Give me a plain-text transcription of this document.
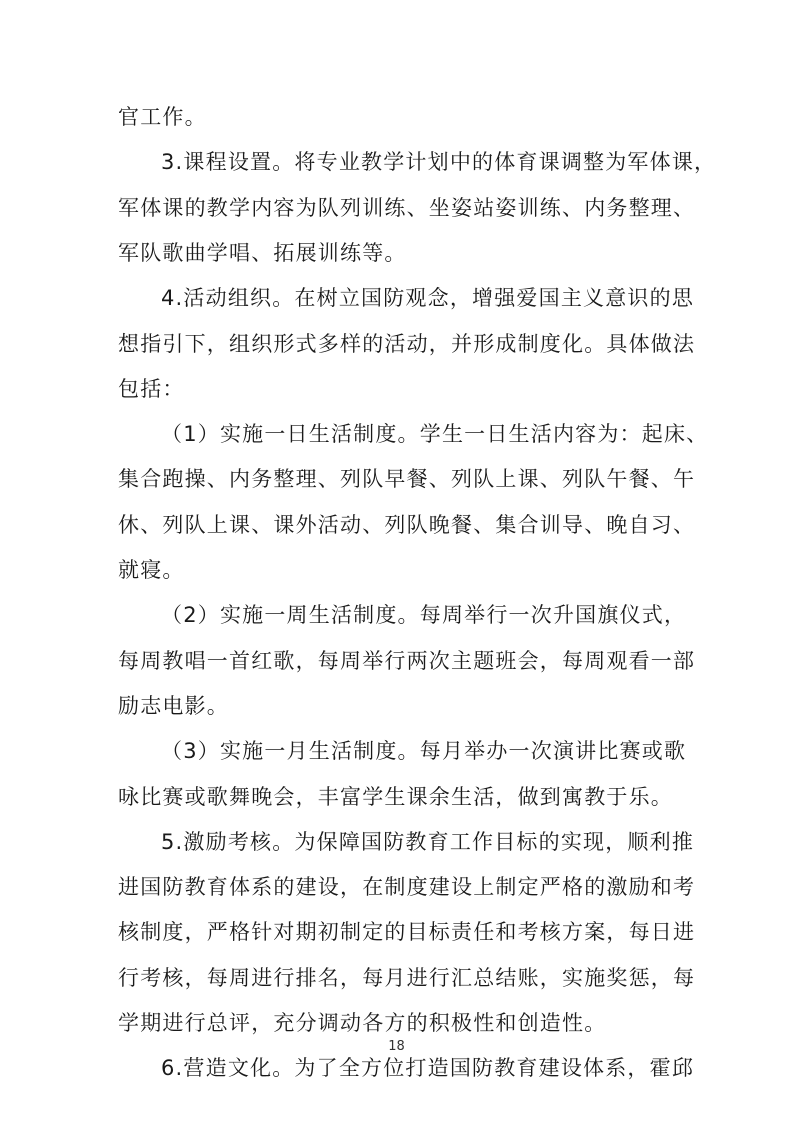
官工作。
3.课程设置。将专业教学计划中的体育课调整为军体课，
军体课的教学内容为队列训练、坐姿站姿训练、内务整理、
军队歌曲学唱、拓展训练等。
4.活动组织。在树立国防观念，增强爱国主义意识的思
想指引下，组织形式多样的活动，并形成制度化。具体做法
包括：
（1）实施一日生活制度。学生一日生活内容为：起床、
集合跑操、内务整理、列队早餐、列队上课、列队午餐、午
休、列队上课、课外活动、列队晚餐、集合训导、晚自习、
就寝。
（2）实施一周生活制度。每周举行一次升国旗仪式，
每周教唱一首红歌，每周举行两次主题班会，每周观看一部
励志电影。
（3）实施一月生活制度。每月举办一次演讲比赛或歌
咏比赛或歌舞晚会，丰富学生课余生活，做到寓教于乐。
5.激励考核。为保障国防教育工作目标的实现，顺利推
进国防教育体系的建设，在制度建设上制定严格的激励和考
核制度，严格针对期初制定的目标责任和考核方案，每日进
行考核，每周进行排名，每月进行汇总结账，实施奖惩，每
学期进行总评，充分调动各方的积极性和创造性。
6.营造文化。为了全方位打造国防教育建设体系，霍邱
18
